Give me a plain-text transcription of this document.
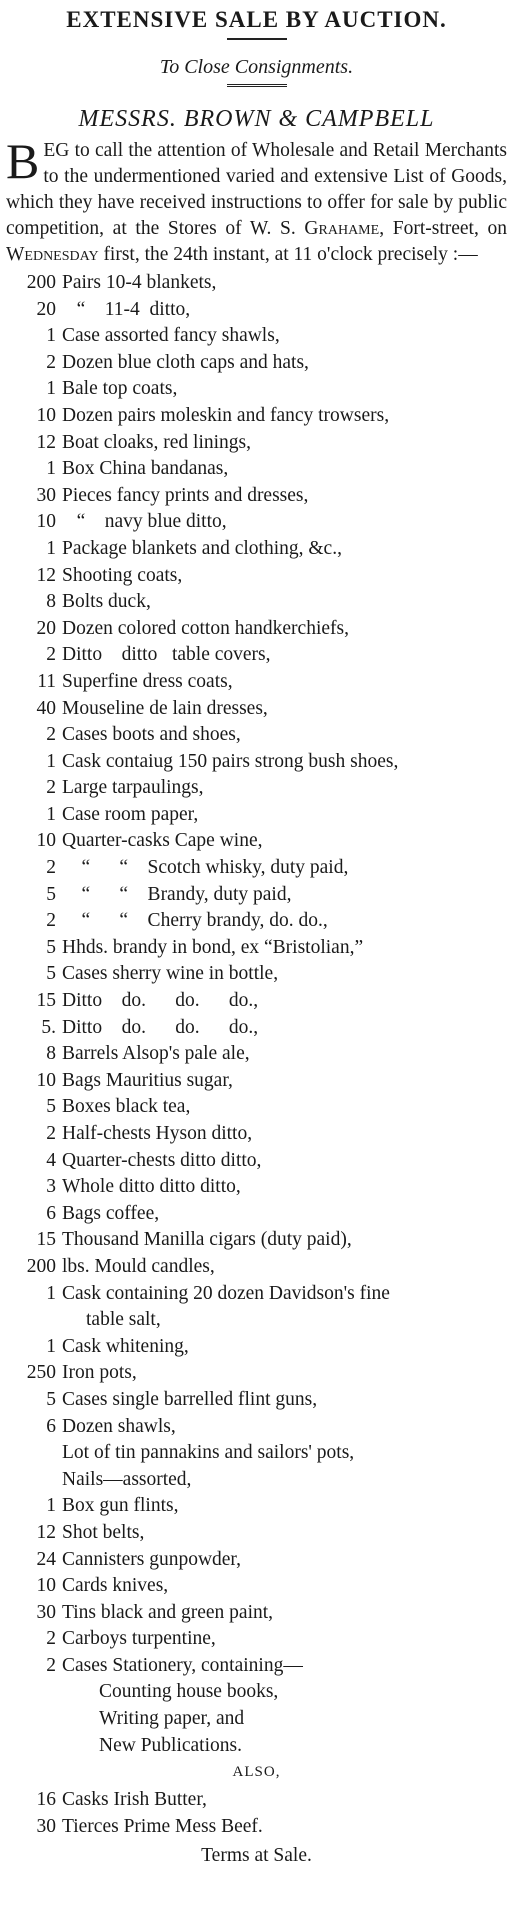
EXTENSIVE SALE BY AUCTION.
To Close Consignments.
MESSRS. BROWN & CAMPBELL

BEG to call the attention of Wholesale and Retail Merchants to the undermentioned varied and extensive List of Goods, which they have received instructions to offer for sale by public competition, at the Stores of W. S. Grahame, Fort-street, on Wednesday first, the 24th instant, at 11 o'clock precisely :—

200 Pairs 10-4 blankets,
20 “    11-4  ditto,
1 Case assorted fancy shawls,
2 Dozen blue cloth caps and hats,
1 Bale top coats,
10 Dozen pairs moleskin and fancy trowsers,
12 Boat cloaks, red linings,
1 Box China bandanas,
30 Pieces fancy prints and dresses,
10 “    navy blue ditto,
1 Package blankets and clothing, &c.,
12 Shooting coats,
8 Bolts duck,
20 Dozen colored cotton handkerchiefs,
2 Ditto    ditto   table covers,
11 Superfine dress coats,
40 Mouseline de lain dresses,
2 Cases boots and shoes,
1 Cask contaiug 150 pairs strong bush shoes,
2 Large tarpaulings,
1 Case room paper,
10 Quarter-casks Cape wine,
2 “      “    Scotch whisky, duty paid,
5 “      “    Brandy, duty paid,
2 “      “    Cherry brandy, do. do.,
5 Hhds. brandy in bond, ex “Bristolian,”
5 Cases sherry wine in bottle,
15 Ditto    do.      do.      do.,
5. Ditto    do.      do.      do.,
8 Barrels Alsop's pale ale,
10 Bags Mauritius sugar,
5 Boxes black tea,
2 Half-chests Hyson ditto,
4 Quarter-chests ditto ditto,
3 Whole ditto ditto ditto,
6 Bags coffee,
15 Thousand Manilla cigars (duty paid),
200 lbs. Mould candles,
1 Cask containing 20 dozen Davidson's fine
table salt,
1 Cask whitening,
250 Iron pots,
5 Cases single barrelled flint guns,
6 Dozen shawls,
Lot of tin pannakins and sailors' pots,
Nails—assorted,
1 Box gun flints,
12 Shot belts,
24 Cannisters gunpowder,
10 Cards knives,
30 Tins black and green paint,
2 Carboys turpentine,
2 Cases Stationery, containing—
Counting house books,
Writing paper, and
New Publications.
ALSO,
16 Casks Irish Butter,
30 Tierces Prime Mess Beef.
Terms at Sale.
